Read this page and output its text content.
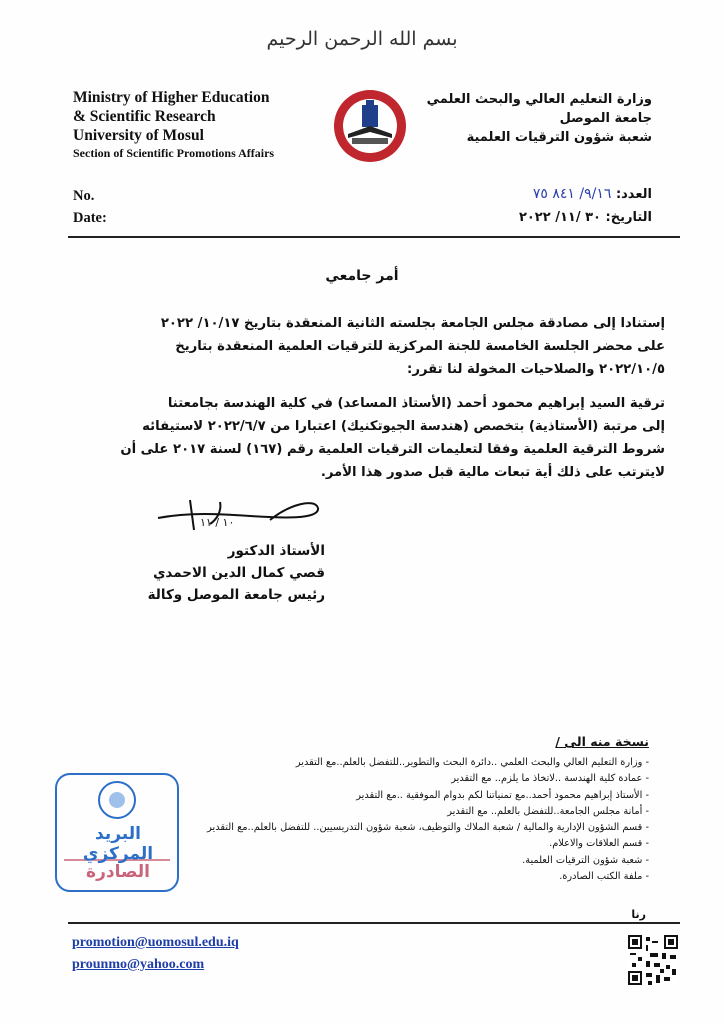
بسم الله الرحمن الرحيم
Ministry of Higher Education
& Scientific Research
University of Mosul
Section of Scientific Promotions Affairs
وزارة التعليم العالي والبحث العلمي
جامعة الموصل
شعبة شؤون الترقيات العلمية
No.
Date:
العدد: ٩/١٦/ ٨٤١ ٧٥
التاريخ: ٣٠ /١١/ ٢٠٢٢
أمر جامعي
إستنادا إلى مصادقة مجلس الجامعة بجلسته الثانية المنعقدة بتاريخ ١٠/١٧/ ٢٠٢٢
على محضر الجلسة الخامسة للجنة المركزية للترقيات العلمية المنعقدة بتاريخ
٢٠٢٢/١٠/٥ والصلاحيات المخولة لنا تقرر:
ترقية السيد إبراهيم محمود أحمد (الأستاذ المساعد) في كلية الهندسة بجامعتنا
إلى مرتبة (الأستاذية) بتخصص (هندسة الجيوتكنيك) اعتبارا من ٢٠٢٢/٦/٧ لاستيفائه
شروط الترقية العلمية وفقا لتعليمات الترقيات العلمية رقم (١٦٧) لسنة ٢٠١٧ على أن
لايترتب على ذلك أية تبعات مالية قبل صدور هذا الأمر.
١٠ / ١١
الأستاذ الدكتور
قصي كمال الدين الاحمدي
رئيس جامعة الموصل وكالة
نسخة منه الى /
- وزارة التعليم العالي والبحث العلمي ..دائرة البحث والتطوير..للتفضل بالعلم..مع التقدير
- عمادة كلية الهندسة ..لاتخاذ ما يلزم.. مع التقدير
- الأستاذ إبراهيم محمود أحمد..مع تمنياتنا لكم بدوام الموفقية ..مع التقدير
- أمانة مجلس الجامعة..للتفضل بالعلم.. مع التقدير
- قسم الشؤون الإدارية والمالية / شعبة الملاك والتوظيف، شعبة شؤون التدريسيين.. للتفضل بالعلم..مع التقدير
- قسم العلاقات والاعلام.
- شعبة شؤون الترقيات العلمية.
- ملفة الكتب الصادرة.
البريد المركزي
الصادرة
رنا
promotion@uomosul.edu.iq
prounmo@yahoo.com
